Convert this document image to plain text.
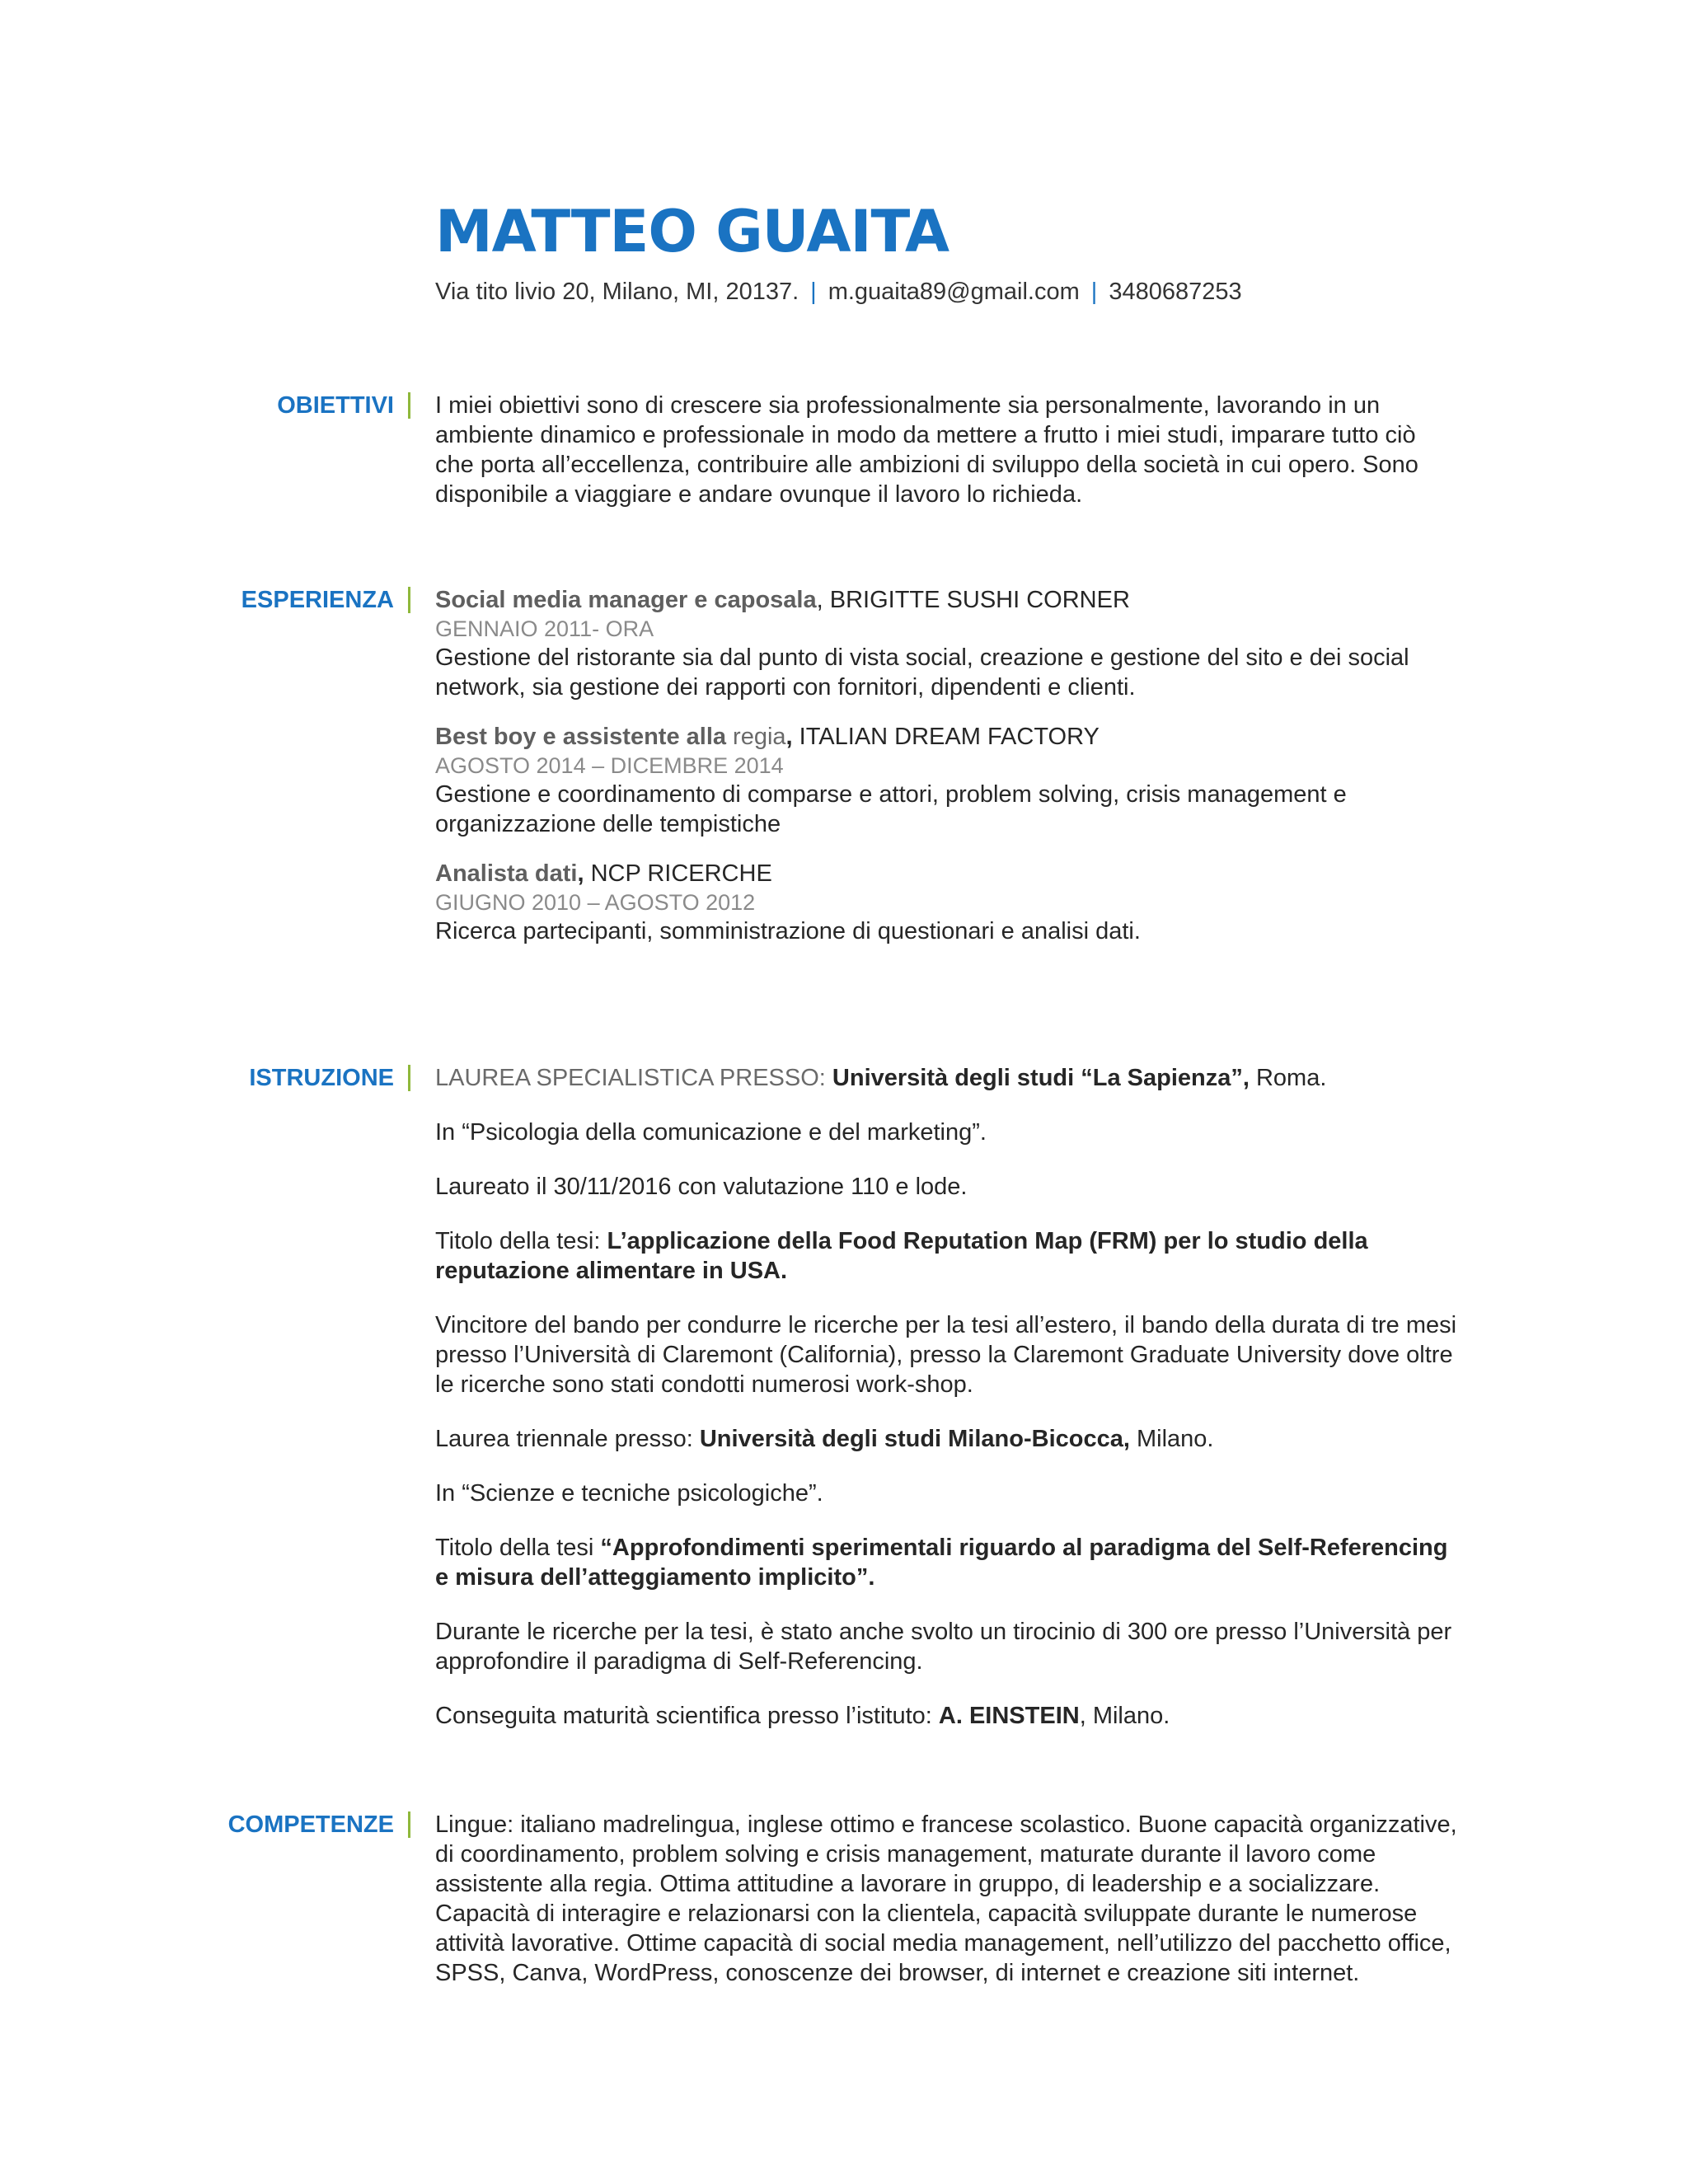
MATTEO GUAITA
Via tito livio 20, Milano, MI, 20137. | m.guaita89@gmail.com | 3480687253
OBIETTIVI I miei obiettivi sono di crescere sia professionalmente sia personalmente, lavorando in un ambiente dinamico e professionale in modo da mettere a frutto i miei studi, imparare tutto ciò che porta all’eccellenza, contribuire alle ambizioni di sviluppo della società in cui opero. Sono disponibile a viaggiare e andare ovunque il lavoro lo richieda.

ESPERIENZA Social media manager e caposala, BRIGITTE SUSHI CORNER

GENNAIO 2011- ORA

Gestione del ristorante sia dal punto di vista social, creazione e gestione del sito e dei social network, sia gestione dei rapporti con fornitori, dipendenti e clienti.

Best boy e assistente alla regia, ITALIAN DREAM FACTORY

AGOSTO 2014 – DICEMBRE 2014

Gestione e coordinamento di comparse e attori, problem solving, crisis management e organizzazione delle tempistiche

Analista dati, NCP RICERCHE

GIUGNO 2010 – AGOSTO 2012

Ricerca partecipanti, somministrazione di questionari e analisi dati.

ISTRUZIONE LAUREA SPECIALISTICA PRESSO: Università degli studi “La Sapienza”, Roma.

In “Psicologia della comunicazione e del marketing”.

Laureato il 30/11/2016 con valutazione 110 e lode.

Titolo della tesi: L’applicazione della Food Reputation Map (FRM) per lo studio della reputazione alimentare in USA.

Vincitore del bando per condurre le ricerche per la tesi all’estero, il bando della durata di tre mesi presso l’Università di Claremont (California), presso la Claremont Graduate University dove oltre le ricerche sono stati condotti numerosi work-shop.

Laurea triennale presso: Università degli studi Milano-Bicocca, Milano.

In “Scienze e tecniche psicologiche”.

Titolo della tesi “Approfondimenti sperimentali riguardo al paradigma del Self-Referencing e misura dell’atteggiamento implicito”.

Durante le ricerche per la tesi, è stato anche svolto un tirocinio di 300 ore presso l’Università per approfondire il paradigma di Self-Referencing.

Conseguita maturità scientifica presso l’istituto: A. EINSTEIN, Milano.

COMPETENZE Lingue: italiano madrelingua, inglese ottimo e francese scolastico. Buone capacità organizzative, di coordinamento, problem solving e crisis management, maturate durante il lavoro come assistente alla regia. Ottima attitudine a lavorare in gruppo, di leadership e a socializzare. Capacità di interagire e relazionarsi con la clientela, capacità sviluppate durante le numerose attività lavorative. Ottime capacità di social media management, nell’utilizzo del pacchetto office, SPSS, Canva, WordPress, conoscenze dei browser, di internet e creazione siti internet.
